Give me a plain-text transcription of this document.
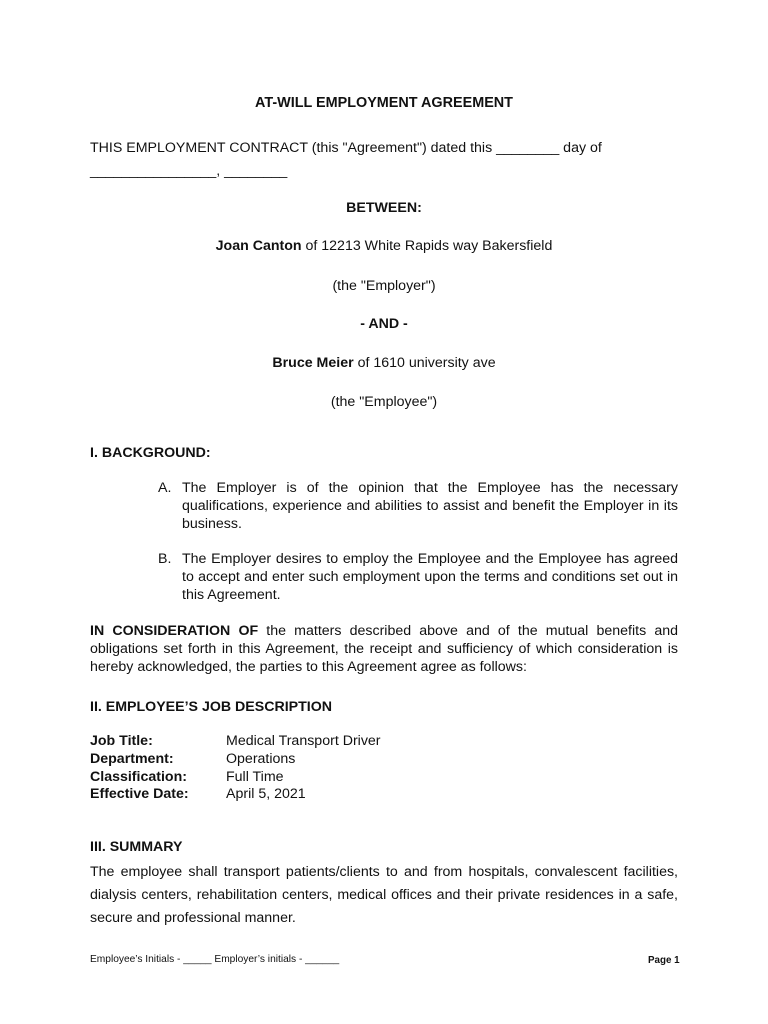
AT-WILL EMPLOYMENT AGREEMENT
THIS EMPLOYMENT CONTRACT (this "Agreement") dated this ________ day of
________________, ________
BETWEEN:
Joan Canton of 12213 White Rapids way Bakersfield
(the "Employer")
- AND -
Bruce Meier of 1610 university ave
(the "Employee")
I. BACKGROUND:
A. The Employer is of the opinion that the Employee has the necessary qualifications, experience and abilities to assist and benefit the Employer in its business.
B. The Employer desires to employ the Employee and the Employee has agreed to accept and enter such employment upon the terms and conditions set out in this Agreement.
IN CONSIDERATION OF the matters described above and of the mutual benefits and obligations set forth in this Agreement, the receipt and sufficiency of which consideration is hereby acknowledged, the parties to this Agreement agree as follows:
II. EMPLOYEE’S JOB DESCRIPTION
Job Title:	Medical Transport Driver
Department:	Operations
Classification:	Full Time
Effective Date:	April 5, 2021
III. SUMMARY
The employee shall transport patients/clients to and from hospitals, convalescent facilities, dialysis centers, rehabilitation centers, medical offices and their private residences in a safe, secure and professional manner.
Employee’s Initials - _____ Employer’s initials - ______	Page 1
